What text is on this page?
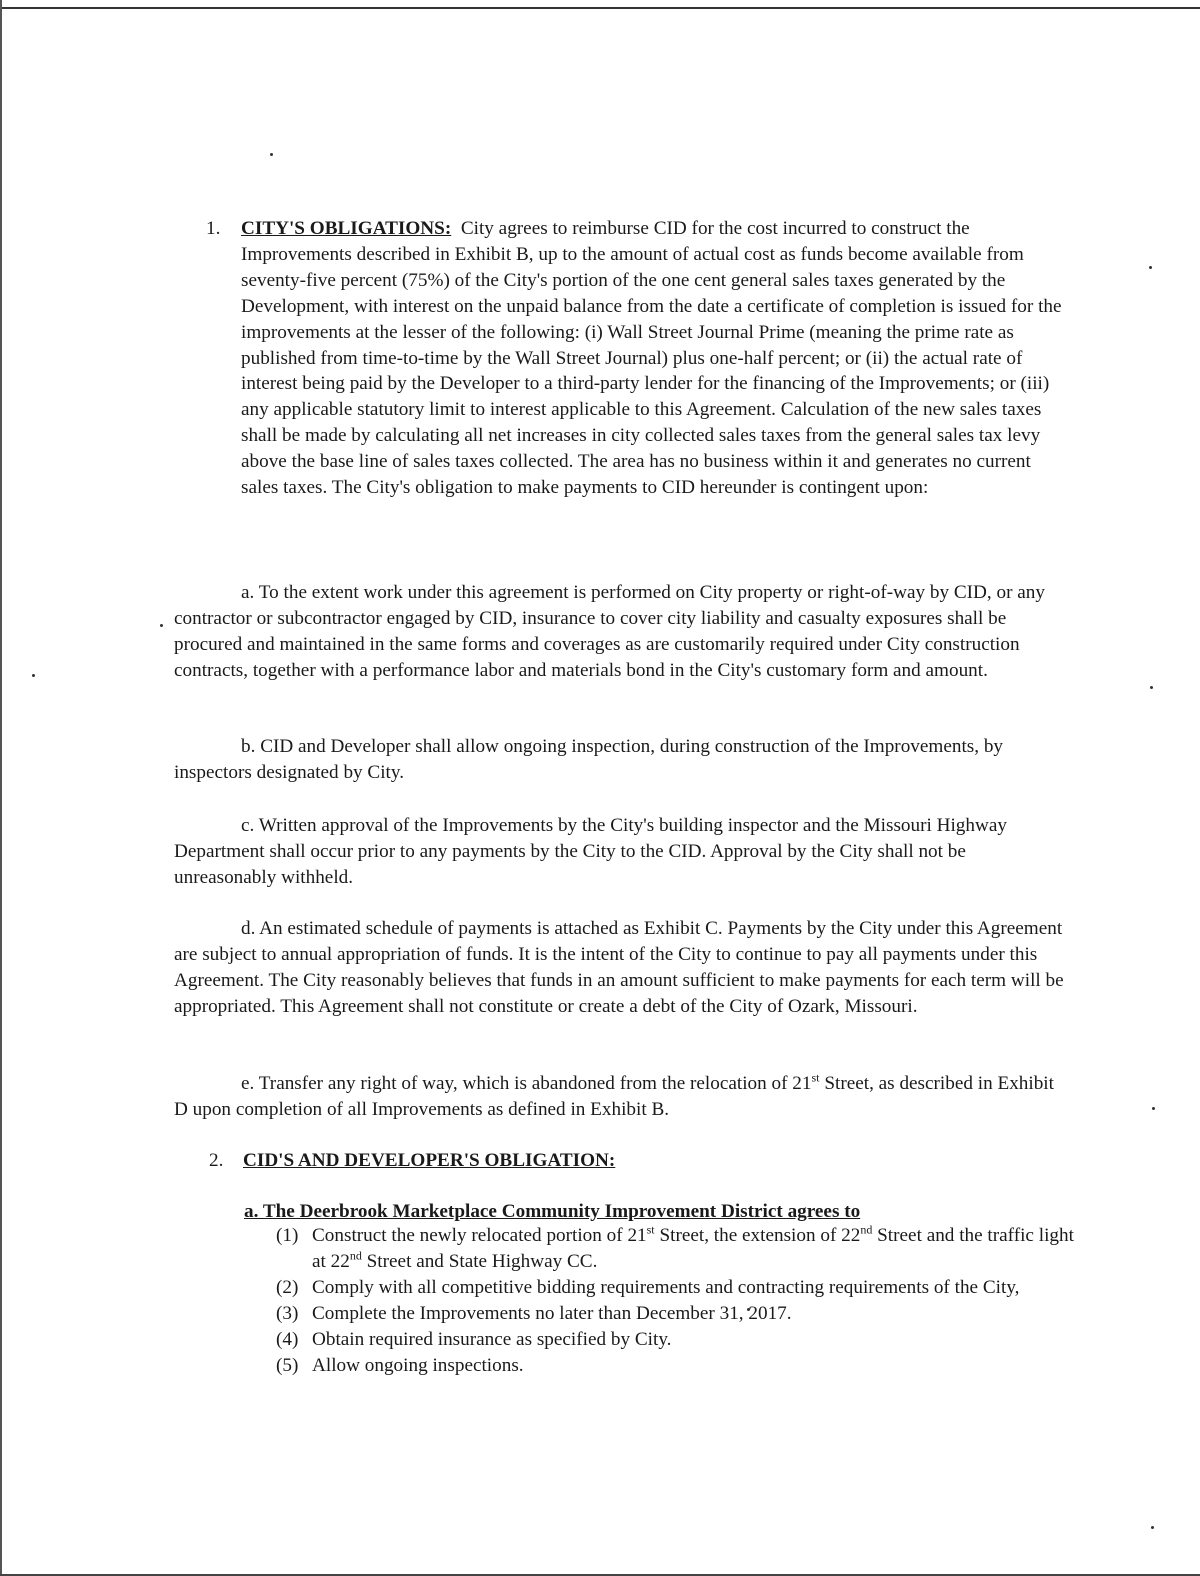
1. CITY'S OBLIGATIONS: City agrees to reimburse CID for the cost incurred to construct the Improvements described in Exhibit B, up to the amount of actual cost as funds become available from seventy-five percent (75%) of the City's portion of the one cent general sales taxes generated by the Development, with interest on the unpaid balance from the date a certificate of completion is issued for the improvements at the lesser of the following: (i) Wall Street Journal Prime (meaning the prime rate as published from time-to-time by the Wall Street Journal) plus one-half percent; or (ii) the actual rate of interest being paid by the Developer to a third-party lender for the financing of the Improvements; or (iii) any applicable statutory limit to interest applicable to this Agreement. Calculation of the new sales taxes shall be made by calculating all net increases in city collected sales taxes from the general sales tax levy above the base line of sales taxes collected. The area has no business within it and generates no current sales taxes. The City's obligation to make payments to CID hereunder is contingent upon:
a. To the extent work under this agreement is performed on City property or right-of-way by CID, or any contractor or subcontractor engaged by CID, insurance to cover city liability and casualty exposures shall be procured and maintained in the same forms and coverages as are customarily required under City construction contracts, together with a performance labor and materials bond in the City's customary form and amount.
b. CID and Developer shall allow ongoing inspection, during construction of the Improvements, by inspectors designated by City.
c. Written approval of the Improvements by the City's building inspector and the Missouri Highway Department shall occur prior to any payments by the City to the CID. Approval by the City shall not be unreasonably withheld.
d. An estimated schedule of payments is attached as Exhibit C. Payments by the City under this Agreement are subject to annual appropriation of funds. It is the intent of the City to continue to pay all payments under this Agreement. The City reasonably believes that funds in an amount sufficient to make payments for each term will be appropriated. This Agreement shall not constitute or create a debt of the City of Ozark, Missouri.
e. Transfer any right of way, which is abandoned from the relocation of 21st Street, as described in Exhibit D upon completion of all Improvements as defined in Exhibit B.
2. CID'S AND DEVELOPER'S OBLIGATION:
a. The Deerbrook Marketplace Community Improvement District agrees to
(1) Construct the newly relocated portion of 21st Street, the extension of 22nd Street and the traffic light at 22nd Street and State Highway CC.
(2) Comply with all competitive bidding requirements and contracting requirements of the City,
(3) Complete the Improvements no later than December 31, 2017.
(4) Obtain required insurance as specified by City.
(5) Allow ongoing inspections.
